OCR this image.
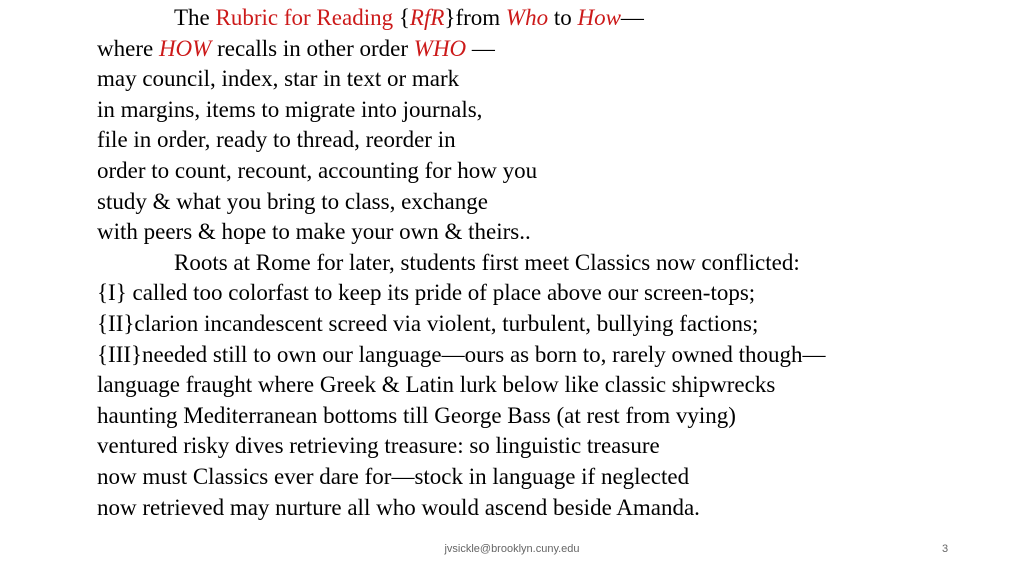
The Rubric for Reading {RfR}from Who to How—
where HOW recalls in other order WHO —
may council, index, star in text or mark
in margins, items to migrate into journals,
file in order, ready to thread, reorder in
order to count, recount, accounting for how you
study & what you bring to class, exchange
with peers & hope to make your own & theirs..
Roots at Rome for later, students first meet Classics now conflicted:
{I} called too colorfast to keep its pride of place above our screen-tops;
{II}clarion incandescent screed via violent, turbulent, bullying factions;
{III}needed still to own our language—ours as born to, rarely owned though—
language fraught where Greek & Latin lurk below like classic shipwrecks
haunting Mediterranean bottoms till George Bass (at rest from vying)
ventured risky dives retrieving treasure: so linguistic treasure
now must Classics ever dare for—stock in language if neglected
now retrieved may nurture all who would ascend beside Amanda.
jvsickle@brooklyn.cuny.edu	3
